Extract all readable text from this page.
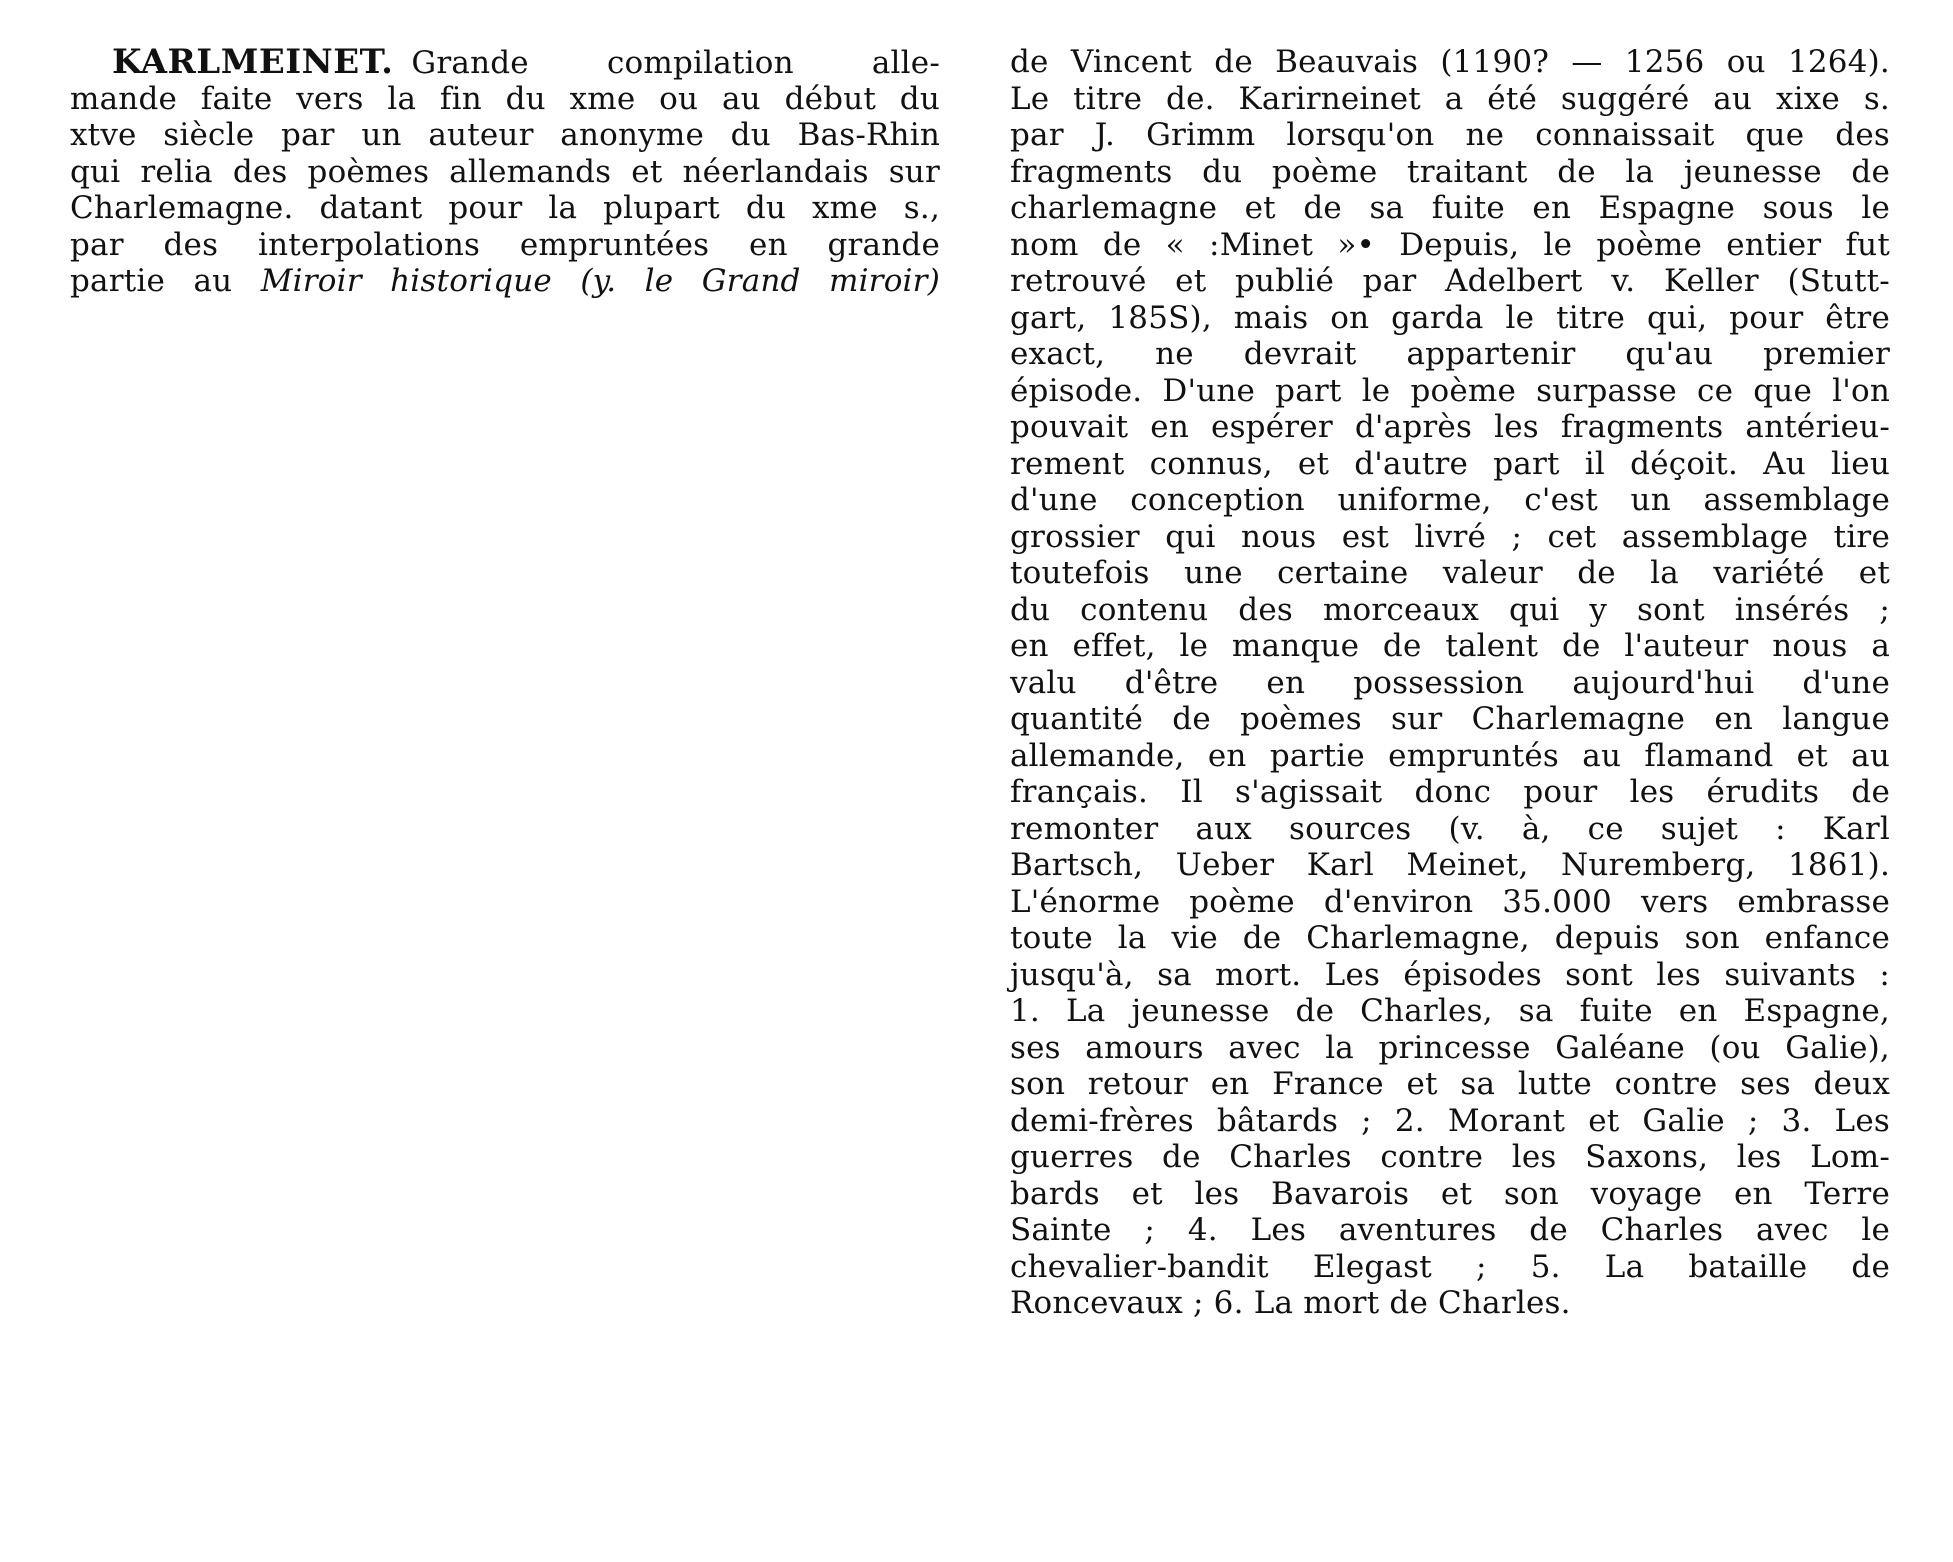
KARLMEINET. Grande compilation alle-
mande faite vers la fin du xme ou au début du
xtve siècle par un auteur anonyme du Bas-Rhin
qui relia des poèmes allemands et néerlandais sur
Charlemagne. datant pour la plupart du xme s.,
par des interpolations empruntées en grande
partie au Miroir historique (y. le Grand miroir)
de Vincent de Beauvais (1190? — 1256 ou 1264).
Le titre de. Karirneinet a été suggéré au xixe s.
par J. Grimm lorsqu'on ne connaissait que des
fragments du poème traitant de la jeunesse de
charlemagne et de sa fuite en Espagne sous le
nom de « :Minet »• Depuis, le poème entier fut
retrouvé et publié par Adelbert v. Keller (Stutt-
gart, 185S), mais on garda le titre qui, pour être
exact, ne devrait appartenir qu'au premier
épisode. D'une part le poème surpasse ce que l'on
pouvait en espérer d'après les fragments antérieu-
rement connus, et d'autre part il déçoit. Au lieu
d'une conception uniforme, c'est un assemblage
grossier qui nous est livré ; cet assemblage tire
toutefois une certaine valeur de la variété et
du contenu des morceaux qui y sont insérés ;
en effet, le manque de talent de l'auteur nous a
valu d'être en possession aujourd'hui d'une
quantité de poèmes sur Charlemagne en langue
allemande, en partie empruntés au flamand et au
français. Il s'agissait donc pour les érudits de
remonter aux sources (v. à, ce sujet : Karl
Bartsch, Ueber Karl Meinet, Nuremberg, 1861).
L'énorme poème d'environ 35.000 vers embrasse
toute la vie de Charlemagne, depuis son enfance
jusqu'à, sa mort. Les épisodes sont les suivants :
1. La jeunesse de Charles, sa fuite en Espagne,
ses amours avec la princesse Galéane (ou Galie),
son retour en France et sa lutte contre ses deux
demi-frères bâtards ; 2. Morant et Galie ; 3. Les
guerres de Charles contre les Saxons, les Lom-
bards et les Bavarois et son voyage en Terre
Sainte ; 4. Les aventures de Charles avec le
chevalier-bandit Elegast ; 5. La bataille de
Roncevaux ; 6. La mort de Charles.
